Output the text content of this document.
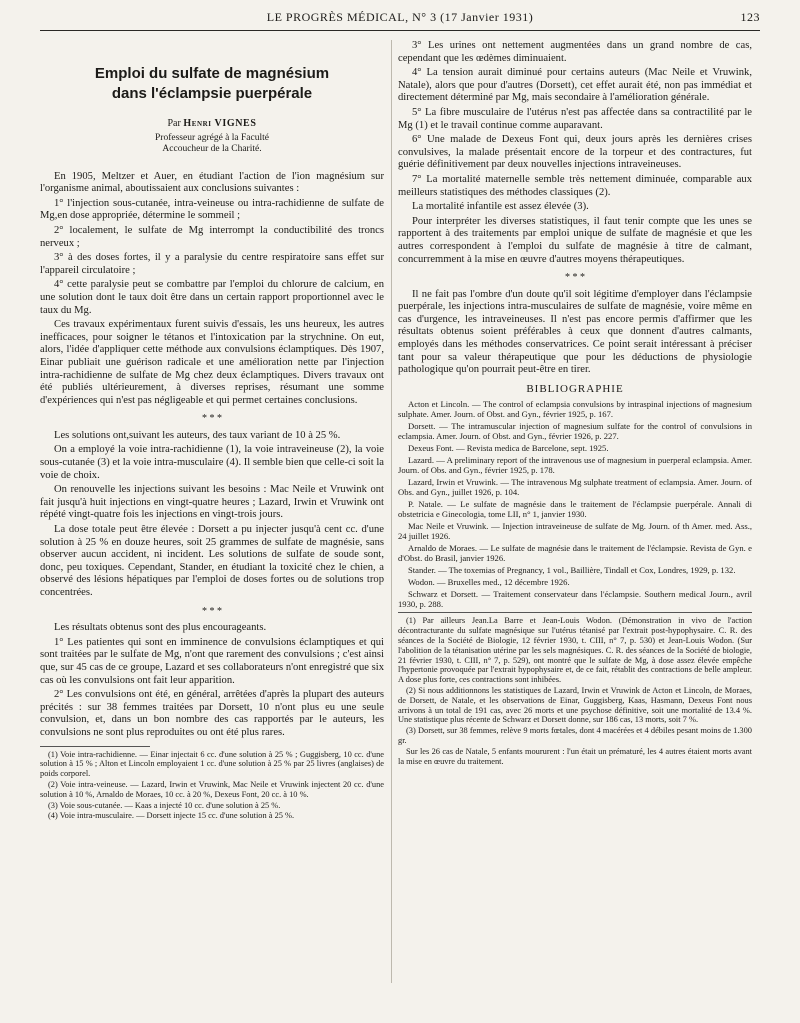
LE PROGRÈS MÉDICAL, N° 3 (17 Janvier 1931)	123
Emploi du sulfate de magnésium
dans l'éclampsie puerpérale

Par Henri VIGNES

Professeur agrégé à la Faculté
Accoucheur de la Charité.

En 1905, Meltzer et Auer, en étudiant l'action de l'ion magnésium sur l'organisme animal, aboutissaient aux conclusions suivantes :

1° l'injection sous-cutanée, intra-veineuse ou intra-rachidienne de sulfate de Mg,en dose appropriée, détermine le sommeil ;

2° localement, le sulfate de Mg interrompt la conductibilité des troncs nerveux ;

3° à des doses fortes, il y a paralysie du centre respiratoire sans effet sur l'appareil circulatoire ;

4° cette paralysie peut se combattre par l'emploi du chlorure de calcium, en une solution dont le taux doit être dans un certain rapport proportionnel avec le taux du Mg.

Ces travaux expérimentaux furent suivis d'essais, les uns heureux, les autres inefficaces, pour soigner le tétanos et l'intoxication par la strychnine. On eut, alors, l'idée d'appliquer cette méthode aux convulsions éclamptiques. Dès 1907, Einar publiait une guérison radicale et une amélioration nette par l'injection intra-rachidienne de sulfate de Mg chez deux éclamptiques. Divers travaux ont été publiés ultérieurement, à diverses reprises, résumant une somme d'expériences qui n'est pas négligeable et qui permet certaines conclusions.

* * *

Les solutions ont,suivant les auteurs, des taux variant de 10 à 25 %.

On a employé la voie intra-rachidienne (1), la voie intraveineuse (2), la voie sous-cutanée (3) et la voie intra-musculaire (4). Il semble bien que celle-ci soit la voie de choix.

On renouvelle les injections suivant les besoins : Mac Neile et Vruwink ont fait jusqu'à huit injections en vingt-quatre heures ; Lazard, Irwin et Vruwink ont répété vingt-quatre fois les injections en vingt-trois jours.

La dose totale peut être élevée : Dorsett a pu injecter jusqu'à cent cc. d'une solution à 25 % en douze heures, soit 25 grammes de sulfate de magnésie, sans observer aucun accident, ni incident. Les solutions de sulfate de soude sont, donc, peu toxiques. Cependant, Stander, en étudiant la toxicité chez le chien, a observé des lésions hépatiques par l'emploi de doses fortes ou de solutions trop concentrées.

* * *

Les résultats obtenus sont des plus encourageants.

1° Les patientes qui sont en imminence de convulsions éclamptiques et qui sont traitées par le sulfate de Mg, n'ont que rarement des convulsions ; c'est ainsi que, sur 45 cas de ce groupe, Lazard et ses collaborateurs n'ont enregistré que six cas où les convulsions ont fait leur apparition.

2° Les convulsions ont été, en général, arrêtées d'après la plupart des auteurs précités : sur 38 femmes traitées par Dorsett, 10 n'ont plus eu une seule convulsion, et, dans un bon nombre des cas rapportés par le auteurs, les convulsions ne sont plus reproduites ou ont été plus rares.

(1) Voie intra-rachidienne. — Einar injectait 6 cc. d'une solution à 25 % ; Guggisberg, 10 cc. d'une solution à 15 % ; Alton et Lincoln employaient 1 cc. d'une solution à 25 % par 25 livres (anglaises) de poids corporel.

(2) Voie intra-veineuse. — Lazard, Irwin et Vruwink, Mac Neile et Vruwink injectent 20 cc. d'une solution à 10 %, Arnaldo de Moraes, 10 cc. à 20 %, Dexeus Font, 20 cc. à 10 %.

(3) Voie sous-cutanée. — Kaas a injecté 10 cc. d'une solution à 25 %.

(4) Voie intra-musculaire. — Dorsett injecte 15 cc. d'une solution à 25 %.

3° Les urines ont nettement augmentées dans un grand nombre de cas, cependant que les œdèmes diminuaient.

4° La tension aurait diminué pour certains auteurs (Mac Neile et Vruwink, Natale), alors que pour d'autres (Dorsett), cet effet aurait été, non pas immédiat et directement déterminé par Mg, mais secondaire à l'amélioration générale.

5° La fibre musculaire de l'utérus n'est pas affectée dans sa contractilité par le Mg (1) et le travail continue comme auparavant.

6° Une malade de Dexeus Font qui, deux jours après les dernières crises convulsives, la malade présentait encore de la torpeur et des contractures, fut guérie définitivement par deux nouvelles injections intraveineuses.

7° La mortalité maternelle semble très nettement diminuée, comparable aux meilleurs statistiques des méthodes classiques (2).

La mortalité infantile est assez élevée (3).

Pour interpréter les diverses statistiques, il faut tenir compte que les unes se rapportent à des traitements par emploi unique de sulfate de magnésie et que les autres correspondent à l'emploi du sulfate de magnésie à titre de calmant, concurremment à la mise en œuvre d'autres moyens thérapeutiques.

* * *

Il ne fait pas l'ombre d'un doute qu'il soit légitime d'employer dans l'éclampsie puerpérale, les injections intra-musculaires de sulfate de magnésie, voire même en cas d'urgence, les intraveineuses. Il n'est pas encore permis d'affirmer que les résultats obtenus soient préférables à ceux que donnent d'autres calmants, employés dans les méthodes conservatrices. Ce point serait intéressant à préciser tant pour sa valeur thérapeutique que pour les déductions de physiologie pathologique qu'on pourrait peut-être en tirer.

BIBLIOGRAPHIE

Acton et Lincoln. — The control of eclampsia convulsions by intraspinal injections of magnesium sulphate. Amer. Journ. of Obst. and Gyn., février 1925, p. 167.

Dorsett. — The intramuscular injection of magnesium sulfate for the control of convulsions in eclampsia. Amer. Journ. of Obst. and Gyn., février 1926, p. 227.

Dexeus Font. — Revista medica de Barcelone, sept. 1925.

Lazard. — A preliminary report of the intravenous use of magnesium in puerperal eclampsia. Amer. Journ. of Obs. and Gyn., février 1925, p. 178.

Lazard, Irwin et Vruwink. — The intravenous Mg sulphate treatment of eclampsia. Amer. Journ. of Obs. and Gyn., juillet 1926, p. 104.

P. Natale. — Le sulfate de magnésie dans le traitement de l'éclampsie puerpérale. Annali di obstetricia e Ginecologia, tome LII, n° 1, janvier 1930.

Mac Neile et Vruwink. — Injection intraveineuse de sulfate de Mg. Journ. of th Amer. med. Ass., 24 juillet 1926.

Arnaldo de Moraes. — Le sulfate de magnésie dans le traitement de l'éclampsie. Revista de Gyn. e d'Obst. do Brasil, janvier 1926.

Stander. — The toxemias of Pregnancy, 1 vol., Baillière, Tindall et Cox, Londres, 1929, p. 132.

Wodon. — Bruxelles med., 12 décembre 1926.

Schwarz et Dorsett. — Traitement conservateur dans l'éclampsie. Southern medical Journ., avril 1930, p. 288.

(1) Par ailleurs Jean.La Barre et Jean-Louis Wodon. (Démonstration in vivo de l'action décontracturante du sulfate magnésique sur l'utérus tétanisé par l'extrait post-hypophysaire. C. R. des séances de la Société de Biologie, 12 février 1930, t. CIII, n° 7, p. 530) et Jean-Louis Wodon. (Sur l'abolition de la tétanisation utérine par les sels magnésiques. C. R. des séances de la Société de biologie, 21 février 1930, t. CIII, n° 7, p. 529), ont montré que le sulfate de Mg, à dose assez élevée empêche l'hypertonie provoquée par l'extrait hypophysaire et, de ce fait, rétablit des contractions de belle ampleur. A dose plus forte, ces contractions sont inhibées.

(2) Si nous additionnons les statistiques de Lazard, Irwin et Vruwink de Acton et Lincoln, de Moraes, de Dorsett, de Natale, et les observations de Einar, Guggisberg, Kaas, Hasmann, Dexeus Font nous arrivons à un total de 191 cas, avec 26 morts et une psychose définitive, soit une mortalité de 13.4 %. Une statistique plus récente de Schwarz et Dorsett donne, sur 186 cas, 13 morts, soit 7 %.

(3) Dorsett, sur 38 femmes, relève 9 morts fœtales, dont 4 macérées et 4 débiles pesant moins de 1.300 gr.

Sur les 26 cas de Natale, 5 enfants moururent : l'un était un prématuré, les 4 autres étaient morts avant la mise en œuvre du traitement.
